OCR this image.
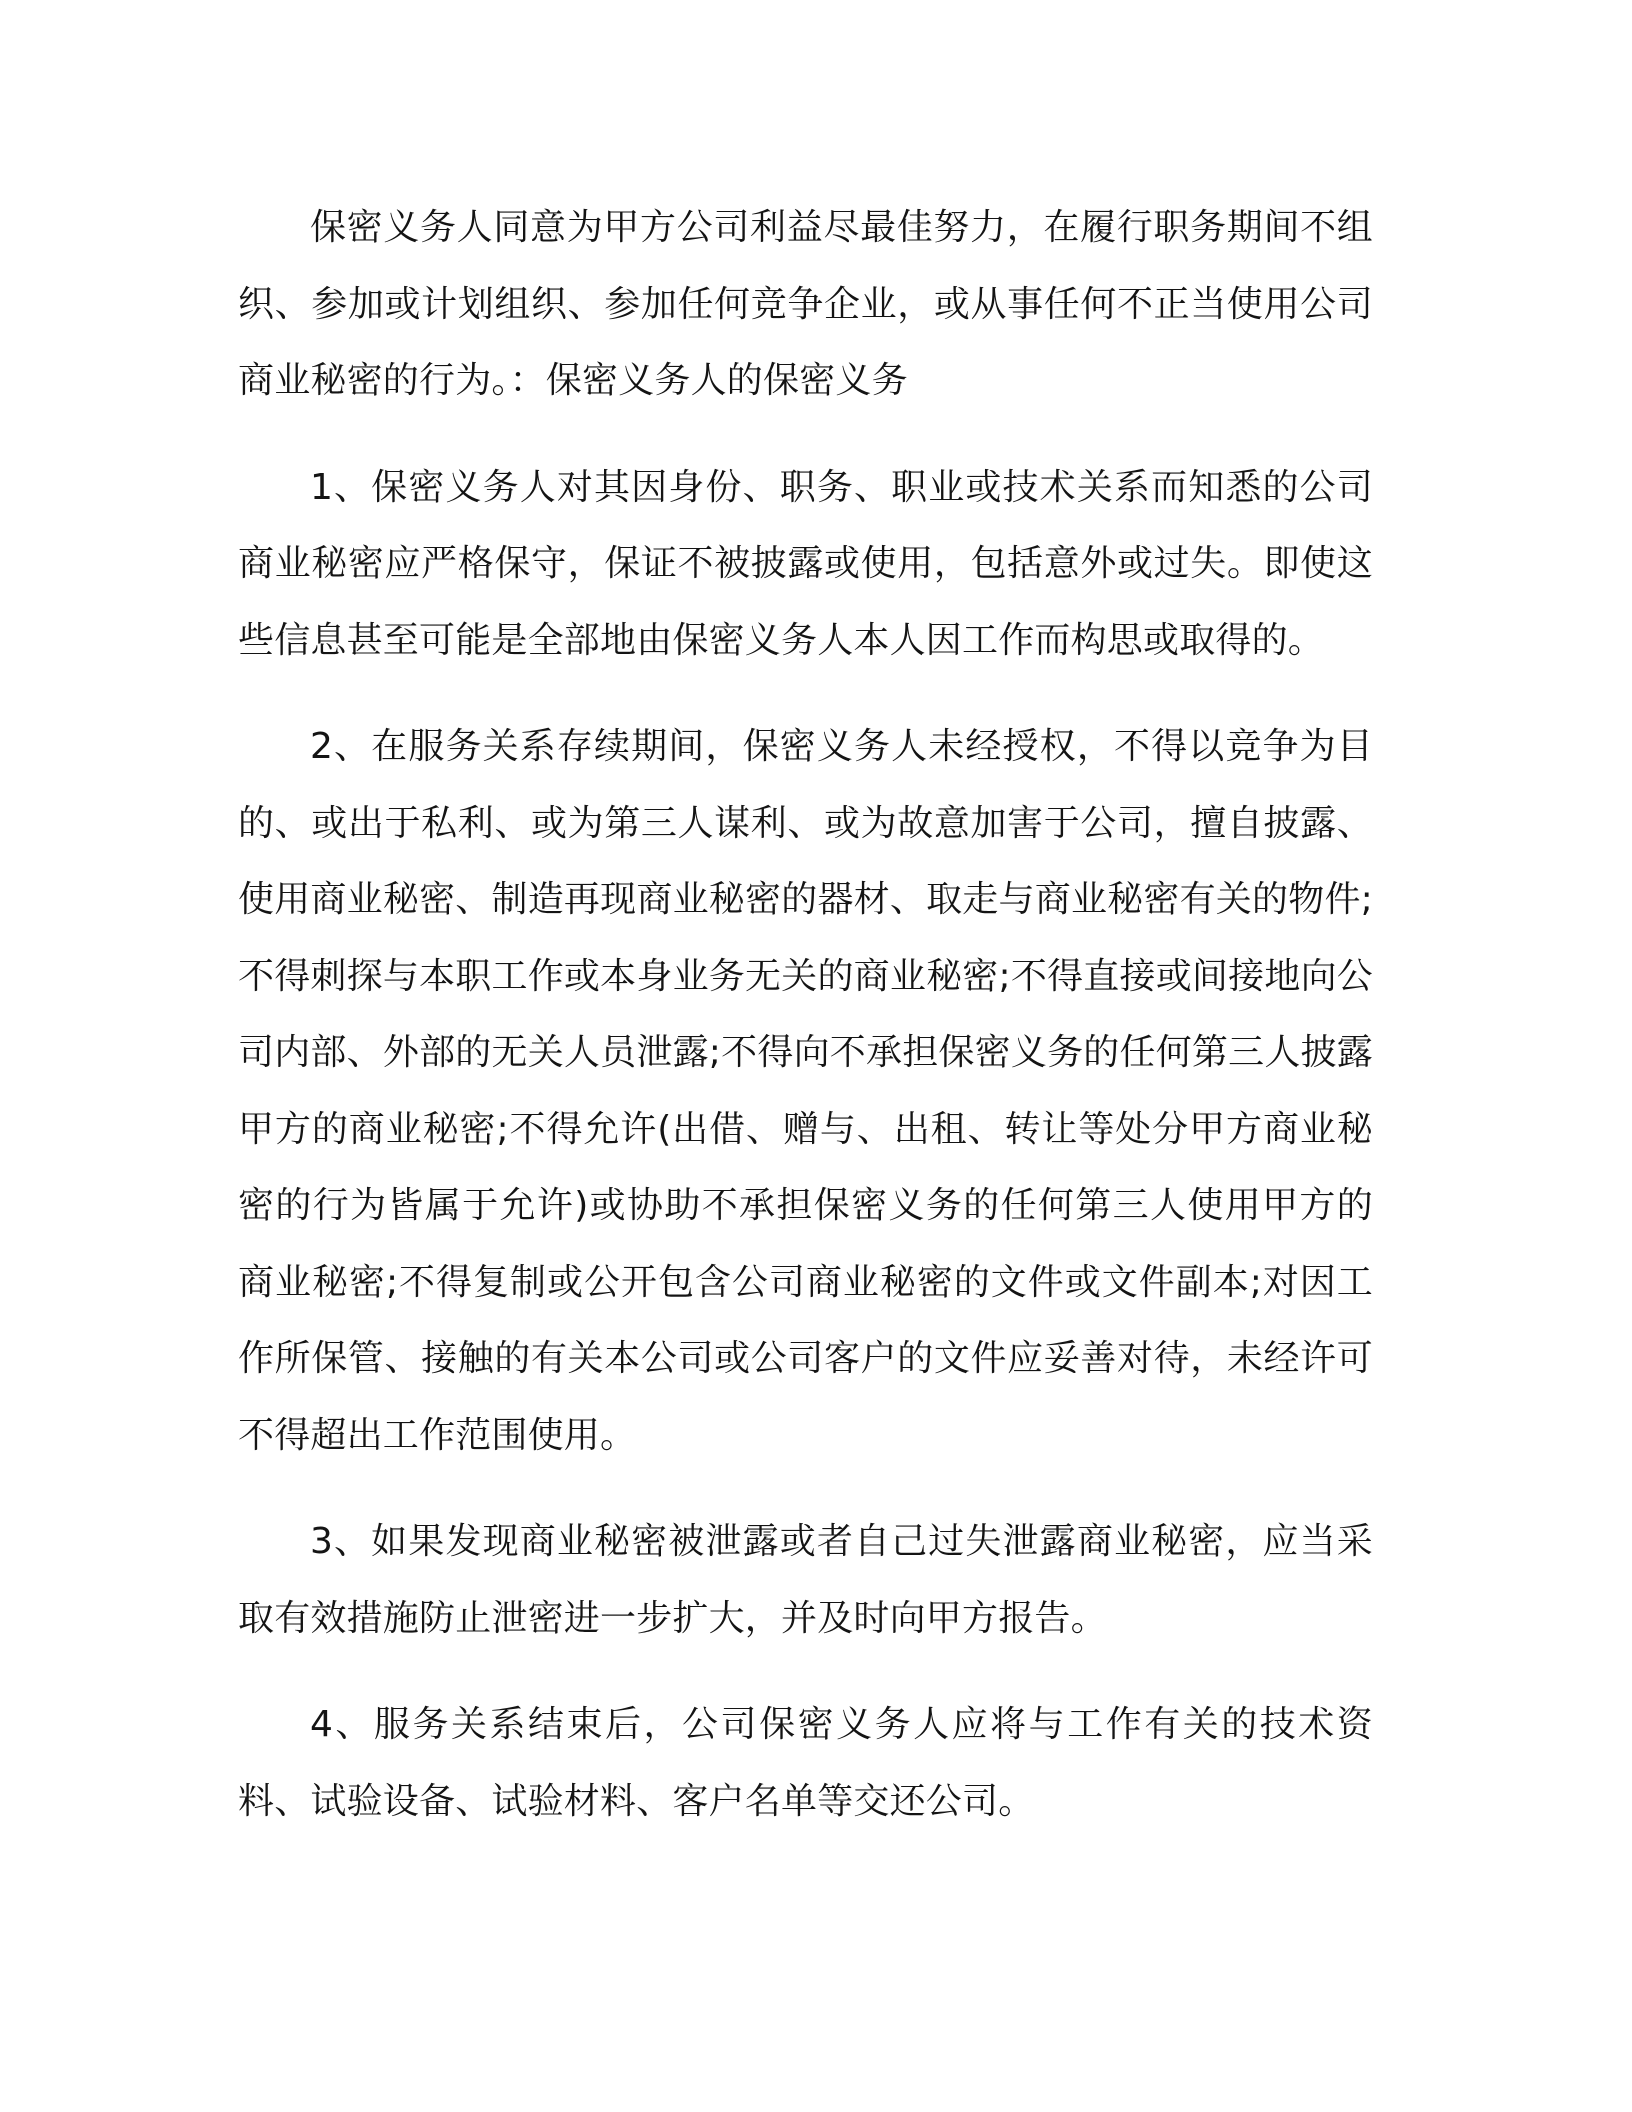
保密义务人同意为甲方公司利益尽最佳努力，在履行职务期间不组织、参加或计划组织、参加任何竞争企业，或从事任何不正当使用公司商业秘密的行为。：保密义务人的保密义务

1、保密义务人对其因身份、职务、职业或技术关系而知悉的公司商业秘密应严格保守，保证不被披露或使用，包括意外或过失。即使这些信息甚至可能是全部地由保密义务人本人因工作而构思或取得的。

2、在服务关系存续期间，保密义务人未经授权，不得以竞争为目的、或出于私利、或为第三人谋利、或为故意加害于公司，擅自披露、使用商业秘密、制造再现商业秘密的器材、取走与商业秘密有关的物件;不得刺探与本职工作或本身业务无关的商业秘密;不得直接或间接地向公司内部、外部的无关人员泄露;不得向不承担保密义务的任何第三人披露甲方的商业秘密;不得允许(出借、赠与、出租、转让等处分甲方商业秘密的行为皆属于允许)或协助不承担保密义务的任何第三人使用甲方的商业秘密;不得复制或公开包含公司商业秘密的文件或文件副本;对因工作所保管、接触的有关本公司或公司客户的文件应妥善对待，未经许可不得超出工作范围使用。

3、如果发现商业秘密被泄露或者自己过失泄露商业秘密，应当采取有效措施防止泄密进一步扩大，并及时向甲方报告。

4、服务关系结束后，公司保密义务人应将与工作有关的技术资料、试验设备、试验材料、客户名单等交还公司。
